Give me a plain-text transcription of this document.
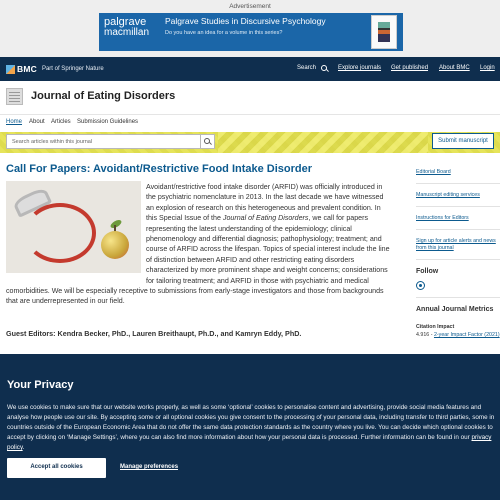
Advertisement
palgrave
macmillan
Palgrave Studies in Discursive Psychology
Do you have an idea for a volume in this series?
BMC Part of Springer Nature	Search	Explore journals Get published About BMC Login
Journal of Eating Disorders
Home About Articles Submission Guidelines
Search articles within this journal	Submit manuscript
Call For Papers: Avoidant/Restrictive Food Intake Disorder
Avoidant/restrictive food intake disorder (ARFID) was officially introduced in the psychiatric nomenclature in 2013. In the last decade we have witnessed an explosion of research on this heterogeneous and prevalent condition. In this Special Issue of the Journal of Eating Disorders, we call for papers representing the latest understanding of the epidemiology; clinical phenomenology and differential diagnosis; pathophysiology; treatment; and course of ARFID across the lifespan. Topics of special interest include the line of distinction between ARFID and other restricting eating disorders characterized by more prominent shape and weight concerns; considerations for tailoring treatment; and ARFID in those with psychiatric and medical comorbidities. We will be especially receptive to submissions from early-stage investigators and those from backgrounds that are underrepresented in our field.
Guest Editors: Kendra Becker, PhD., Lauren Breithaupt, Ph.D., and Kamryn Eddy, PhD.
Editorial Board
Manuscript editing services
Instructions for Editors
Sign up for article alerts and news from this journal
Follow
Annual Journal Metrics
Citation Impact
4.916 - 2-year Impact Factor (2021)
Your Privacy
We use cookies to make sure that our website works properly, as well as some ‘optional’ cookies to personalise content and advertising, provide social media features and analyse how people use our site. By accepting some or all optional cookies you give consent to the processing of your personal data, including transfer to third parties, some in countries outside of the European Economic Area that do not offer the same data protection standards as the country where you live. You can decide which optional cookies to accept by clicking on ‘Manage Settings’, where you can also find more information about how your personal data is processed. Further information can be found in our privacy policy.
Accept all cookies	Manage preferences
